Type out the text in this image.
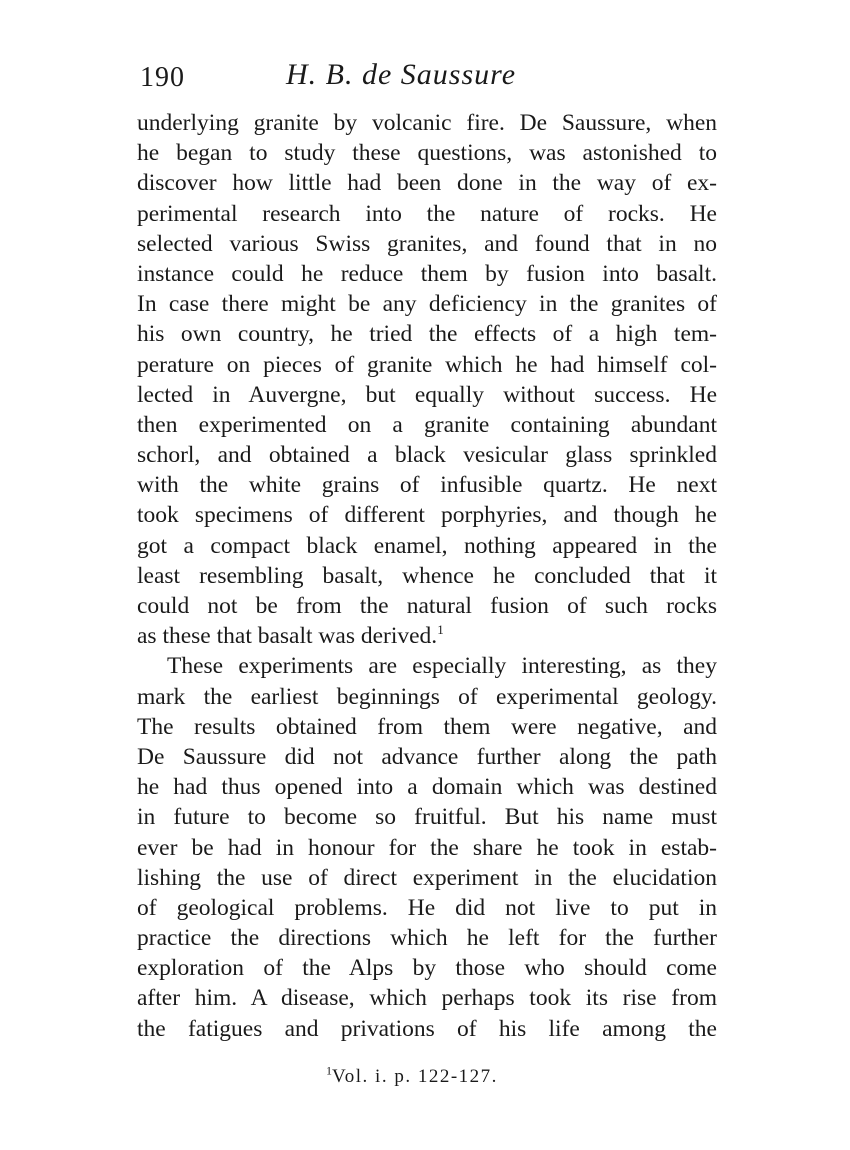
190	H. B. de Saussure
underlying granite by volcanic fire. De Saussure, when
he began to study these questions, was astonished to
discover how little had been done in the way of ex-
perimental research into the nature of rocks. He
selected various Swiss granites, and found that in no
instance could he reduce them by fusion into basalt.
In case there might be any deficiency in the granites of
his own country, he tried the effects of a high tem-
perature on pieces of granite which he had himself col-
lected in Auvergne, but equally without success. He
then experimented on a granite containing abundant
schorl, and obtained a black vesicular glass sprinkled
with the white grains of infusible quartz. He next
took specimens of different porphyries, and though he
got a compact black enamel, nothing appeared in the
least resembling basalt, whence he concluded that it
could not be from the natural fusion of such rocks
as these that basalt was derived.$^1$
These experiments are especially interesting, as they
mark the earliest beginnings of experimental geology.
The results obtained from them were negative, and
De Saussure did not advance further along the path
he had thus opened into a domain which was destined
in future to become so fruitful. But his name must
ever be had in honour for the share he took in estab-
lishing the use of direct experiment in the elucidation
of geological problems. He did not live to put in
practice the directions which he left for the further
exploration of the Alps by those who should come
after him. A disease, which perhaps took its rise from
the fatigues and privations of his life among the
$^1$Vol. i. p. 122-127.
